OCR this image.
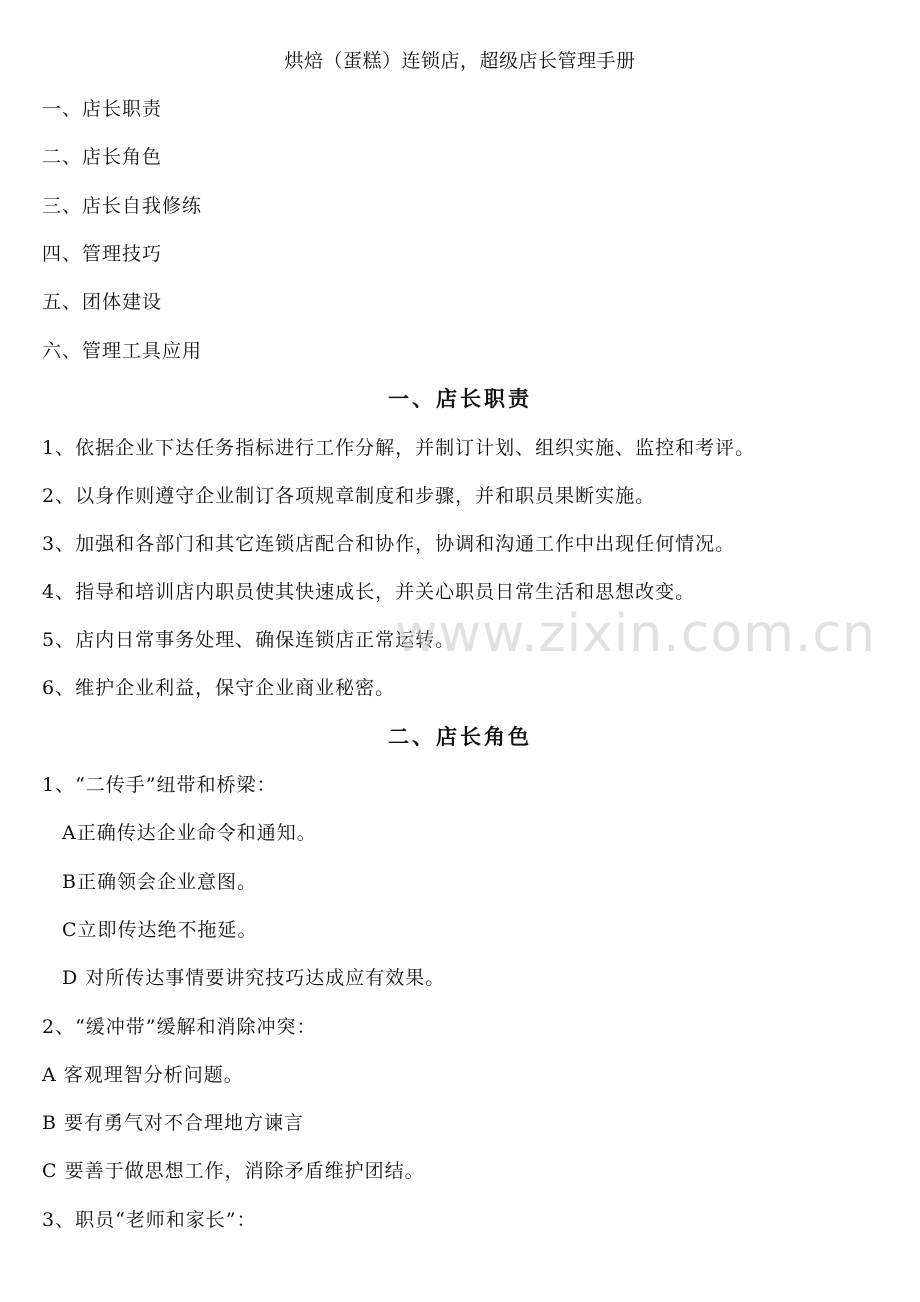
烘焙（蛋糕）连锁店，超级店长管理手册
一、店长职责
二、店长角色
三、店长自我修练
四、管理技巧
五、团体建设
六、管理工具应用
一、店长职责
1、依据企业下达任务指标进行工作分解，并制订计划、组织实施、监控和考评。
2、以身作则遵守企业制订各项规章制度和步骤，并和职员果断实施。
3、加强和各部门和其它连锁店配合和协作，协调和沟通工作中出现任何情况。
4、指导和培训店内职员使其快速成长，并关心职员日常生活和思想改变。
5、店内日常事务处理、确保连锁店正常运转。
6、维护企业利益，保守企业商业秘密。
二、店长角色
1、“二传手”纽带和桥梁：
A正确传达企业命令和通知。
B正确领会企业意图。
C立即传达绝不拖延。
D 对所传达事情要讲究技巧达成应有效果。
2、“缓冲带”缓解和消除冲突：
A 客观理智分析问题。
B 要有勇气对不合理地方谏言
C 要善于做思想工作，消除矛盾维护团结。
3、职员“老师和家长”：
www.zixin.com.cn
